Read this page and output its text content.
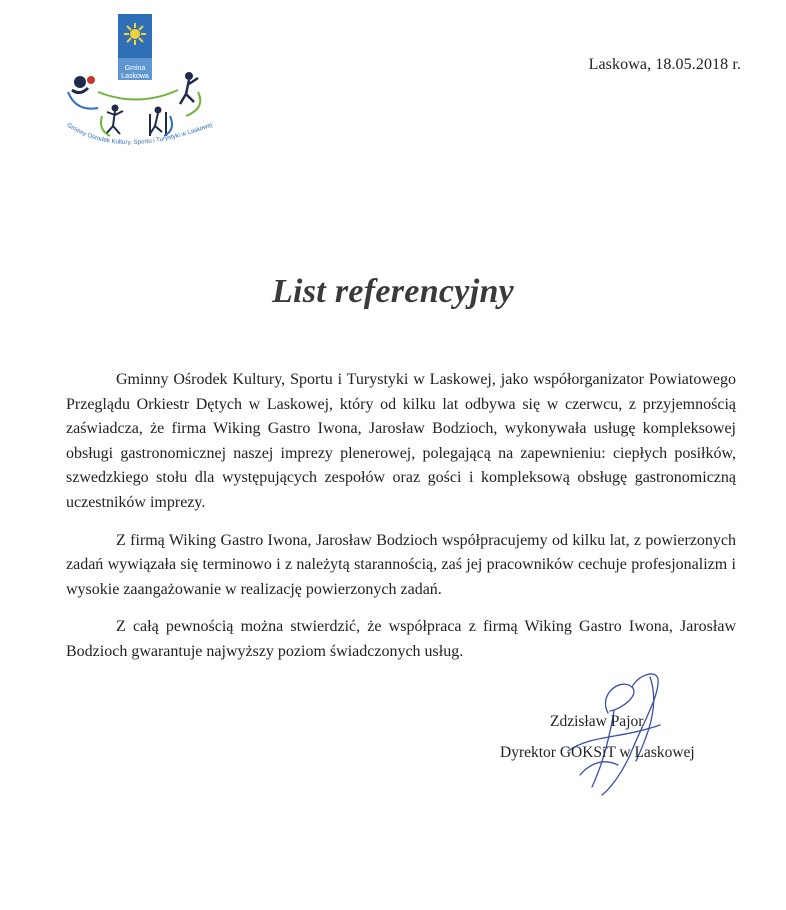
Gmina
Laskowa
Gminny Ośrodek Kultury, Sportu i Turystyki w Laskowej
Laskowa, 18.05.2018 r.
List referencyjny

Gminny Ośrodek Kultury, Sportu i Turystyki w Laskowej, jako współorganizator Powiatowego Przeglądu Orkiestr Dętych w Laskowej, który od kilku lat odbywa się w czerwcu, z przyjemnością zaświadcza, że firma Wiking Gastro Iwona, Jarosław Bodzioch, wykonywała usługę kompleksowej obsługi gastronomicznej naszej imprezy plenerowej, polegającą na zapewnieniu: ciepłych posiłków, szwedzkiego stołu dla występujących zespołów oraz gości i kompleksową obsługę gastronomiczną uczestników imprezy.

Z firmą Wiking Gastro Iwona, Jarosław Bodzioch współpracujemy od kilku lat, z powierzonych zadań wywiązała się terminowo i z należytą starannością, zaś jej pracowników cechuje profesjonalizm i wysokie zaangażowanie w realizację powierzonych zadań.

Z całą pewnością można stwierdzić, że współpraca z firmą Wiking Gastro Iwona, Jarosław Bodzioch gwarantuje najwyższy poziom świadczonych usług.

Zdzisław Pajor
Dyrektor GOKSiT w Laskowej
